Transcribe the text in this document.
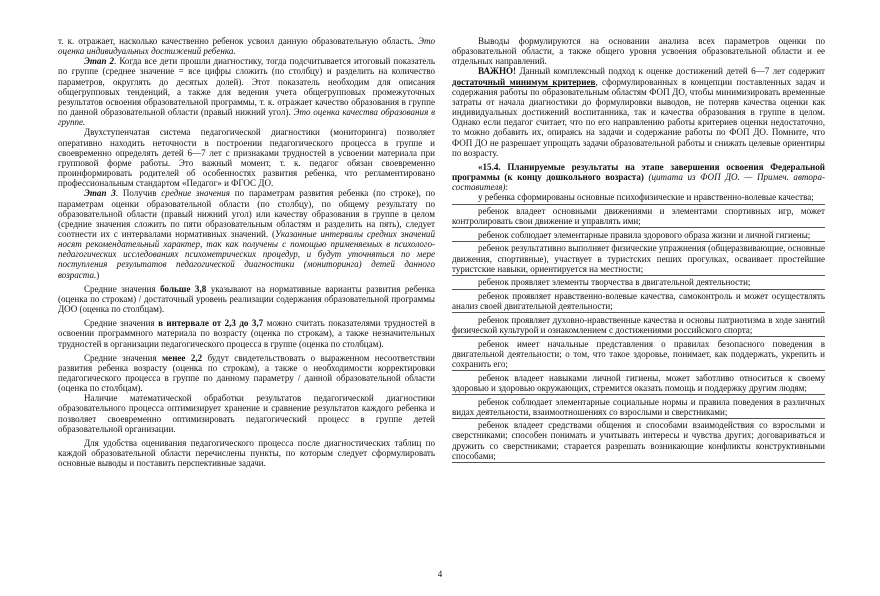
т. к. отражает, насколько качественно ребенок усвоил данную образовательную область. Это оценка индивидуальных достижений ребенка.

Этап 2. Когда все дети прошли диагностику, тогда подсчитывается итоговый показатель по группе (среднее значение = все цифры сложить (по столбцу) и разделить на количество параметров, округлять до десятых долей). Этот показатель необходим для описания общегрупповых тенденций, а также для ведения учета общегрупповых промежуточных результатов освоения образовательной программы, т. к. отражает качество образования в группе по данной образовательной области (правый нижний угол). Это оценка качества образования в группе.

Двухступенчатая система педагогической диагностики (мониторинга) позволяет оперативно находить неточности в построении педагогического процесса в группе и своевременно определять детей 6—7 лет с признаками трудностей в усвоении материала при групповой форме работы. Это важный момент, т. к. педагог обязан своевременно проинформировать родителей об особенностях развития ребенка, что регламентировано профессиональным стандартом «Педагог» и ФГОС ДО.

Этап 3. Получив средние значения по параметрам развития ребенка (по строке), по параметрам оценки образовательной области (по столбцу), по общему результату по образовательной области (правый нижний угол) или качеству образования в группе в целом (средние значения сложить по пяти образовательным областям и разделить на пять), следует соотнести их с интервалами нормативных значений. (Указанные интервалы средних значений носят рекомендательный характер, так как получены с помощью применяемых в психолого-педагогических исследованиях психометрических процедур, и будут уточняться по мере поступления результатов педагогической диагностики (мониторинга) детей данного возраста.)

Средние значения больше 3,8 указывают на нормативные варианты развития ребенка (оценка по строкам) / достаточный уровень реализации содержания образовательной программы ДОО (оценка по столбцам).

Средние значения в интервале от 2,3 до 3,7 можно считать показателями трудностей в освоении программного материала по возрасту (оценка по строкам), а также незначительных трудностей в организации педагогического процесса в группе (оценка по столбцам).

Средние значения менее 2,2 будут свидетельствовать о выраженном несоответствии развития ребенка возрасту (оценка по строкам), а также о необходимости корректировки педагогического процесса в группе по данному параметру / данной образовательной области (оценка по столбцам).

Наличие математической обработки результатов педагогической диагностики образовательного процесса оптимизирует хранение и сравнение результатов каждого ребенка и позволяет своевременно оптимизировать педагогический процесс в группе детей образовательной организации.

Для удобства оценивания педагогического процесса после диагностических таблиц по каждой образовательной области перечислены пункты, по которым следует сформулировать основные выводы и поставить перспективные задачи.

Выводы формулируются на основании анализа всех параметров оценки по образовательной области, а также общего уровня усвоения образовательной области и ее отдельных направлений.

ВАЖНО! Данный комплексный подход к оценке достижений детей 6—7 лет содержит достаточный минимум критериев, сформулированных в концепции поставленных задач и содержания работы по образовательным областям ФОП ДО, чтобы минимизировать временные затраты от начала диагностики до формулировки выводов, не потеряв качества оценки как индивидуальных достижений воспитанника, так и качества образования в группе в целом. Однако если педагог считает, что по его направлению работы критериев оценки недостаточно, то можно добавить их, опираясь на задачи и содержание работы по ФОП ДО. Помните, что ФОП ДО не разрешает упрощать задачи образовательной работы и снижать целевые ориентиры по возрасту.

«15.4. Планируемые результаты на этапе завершения освоения Федеральной программы (к концу дошкольного возраста) (цитата из ФОП ДО. — Примеч. автора-составителя):

у ребенка сформированы основные психофизические и нравственно-волевые качества;

ребенок владеет основными движениями и элементами спортивных игр, может контролировать свои движение и управлять ими;

ребенок соблюдает элементарные правила здорового образа жизни и личной гигиены;

ребенок результативно выполняет физические упражнения (общеразвивающие, основные движения, спортивные), участвует в туристских пеших прогулках, осваивает простейшие туристские навыки, ориентируется на местности;

ребенок проявляет элементы творчества в двигательной деятельности;

ребенок проявляет нравственно-волевые качества, самоконтроль и может осуществлять анализ своей двигательной деятельности;

ребенок проявляет духовно-нравственные качества и основы патриотизма в ходе занятий физической культурой и ознакомлением с достижениями российского спорта;

ребенок имеет начальные представления о правилах безопасного поведения в двигательной деятельности; о том, что такое здоровье, понимает, как поддержать, укрепить и сохранить его;

ребенок владеет навыками личной гигиены, может заботливо относиться к своему здоровью и здоровью окружающих, стремится оказать помощь и поддержку другим людям;

ребенок соблюдает элементарные социальные нормы и правила поведения в различных видах деятельности, взаимоотношениях со взрослыми и сверстниками;

ребенок владеет средствами общения и способами взаимодействия со взрослыми и сверстниками; способен понимать и учитывать интересы и чувства других; договариваться и дружить со сверстниками; старается разрешать возникающие конфликты конструктивными способами;

4
